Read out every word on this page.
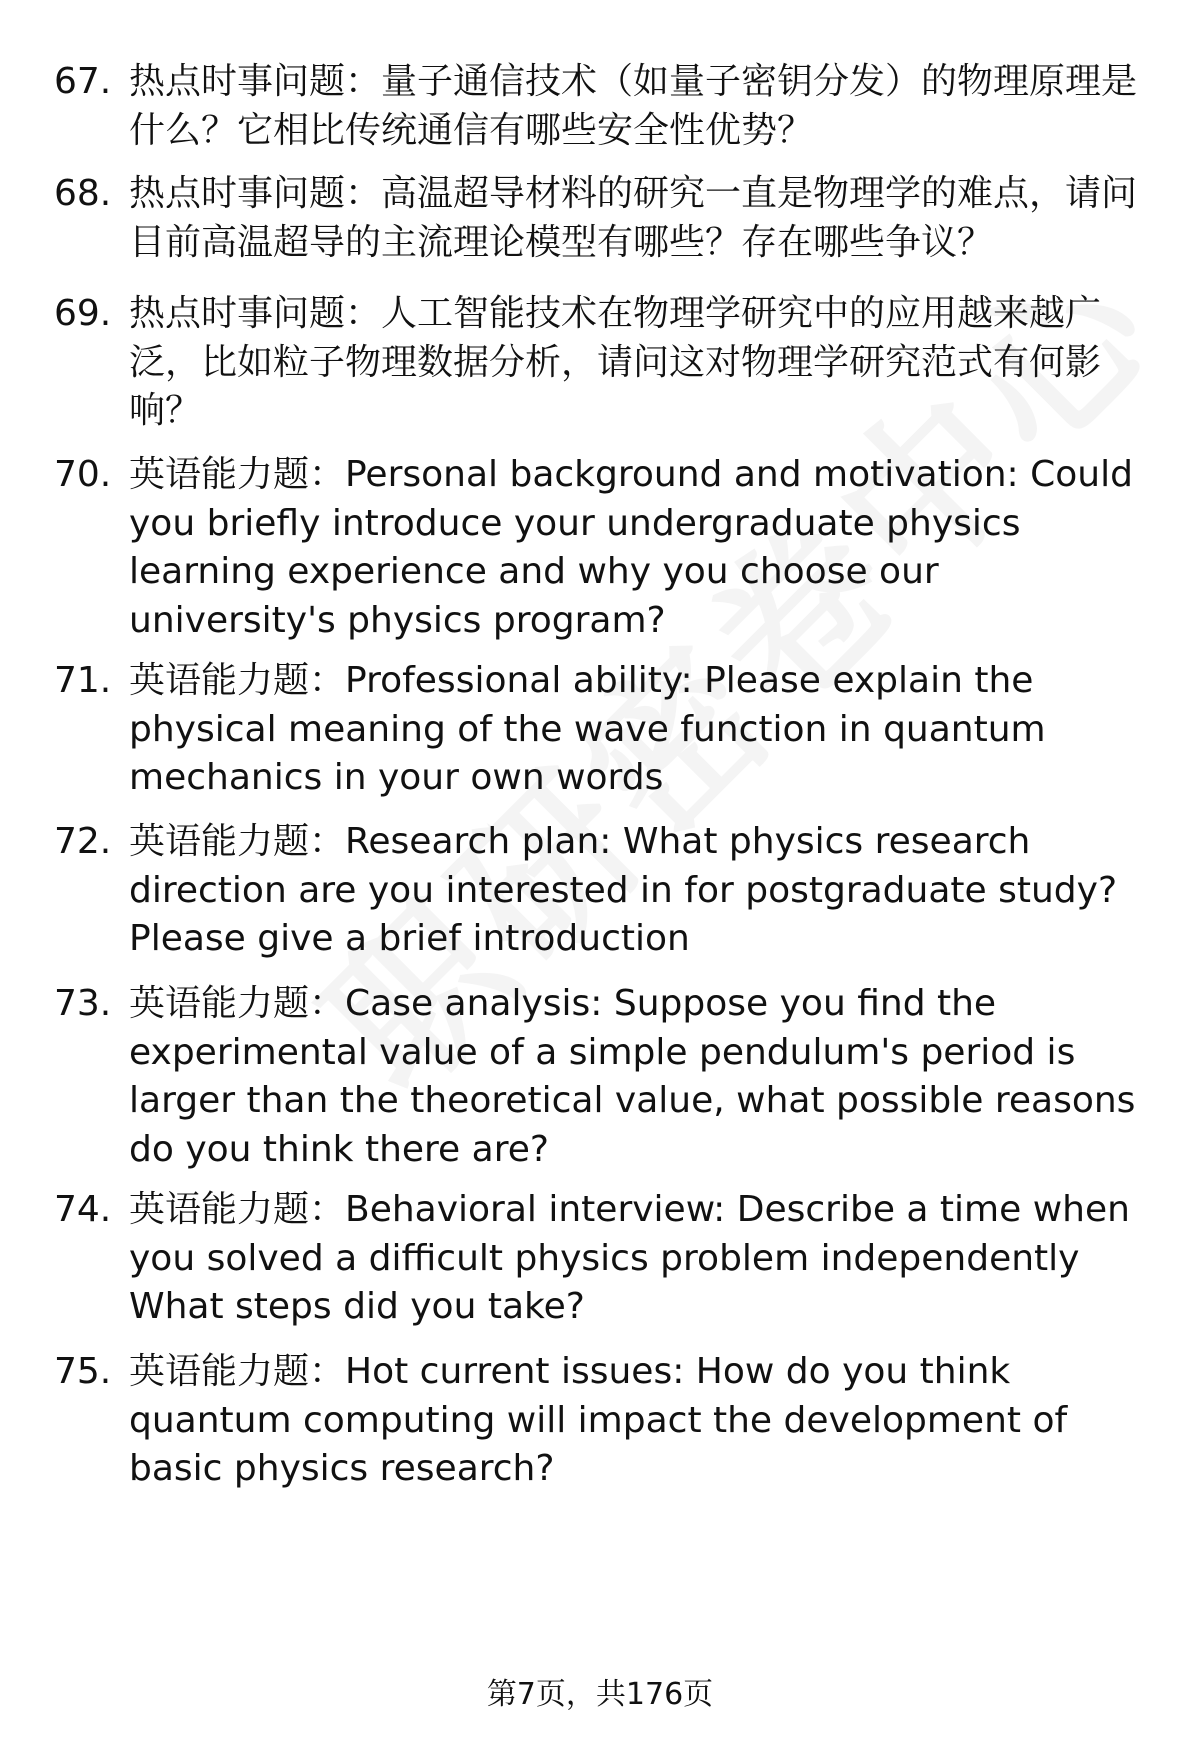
67. 热点时事问题：量子通信技术（如量子密钥分发）的物理原理是什么？它相比传统通信有哪些安全性优势？
68. 热点时事问题：高温超导材料的研究一直是物理学的难点，请问目前高温超导的主流理论模型有哪些？存在哪些争议？
69. 热点时事问题：人工智能技术在物理学研究中的应用越来越广泛，比如粒子物理数据分析，请问这对物理学研究范式有何影响？
70. 英语能力题：Personal background and motivation: Could you briefly introduce your undergraduate physics learning experience and why you choose our university's physics program?
71. 英语能力题：Professional ability: Please explain the physical meaning of the wave function in quantum mechanics in your own words
72. 英语能力题：Research plan: What physics research direction are you interested in for postgraduate study? Please give a brief introduction
73. 英语能力题：Case analysis: Suppose you find the experimental value of a simple pendulum's period is larger than the theoretical value, what possible reasons do you think there are?
74. 英语能力题：Behavioral interview: Describe a time when you solved a difficult physics problem independently What steps did you take?
75. 英语能力题：Hot current issues: How do you think quantum computing will impact the development of basic physics research?
第7页，共176页
